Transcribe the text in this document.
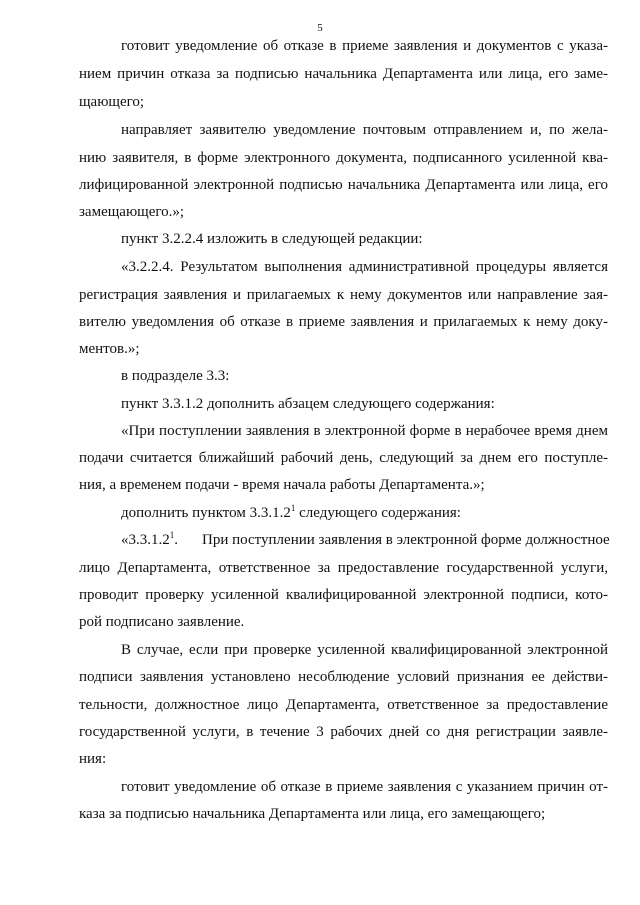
5
готовит уведомление об отказе в приеме заявления и документов с указа-
нием причин отказа за подписью начальника Департамента или лица, его заме-
щающего;
направляет заявителю уведомление почтовым отправлением и, по жела-
нию заявителя, в форме электронного документа, подписанного усиленной ква-
лифицированной электронной подписью начальника Департамента или лица, его
замещающего.»;
пункт 3.2.2.4 изложить в следующей редакции:
«3.2.2.4. Результатом выполнения административной процедуры является
регистрация заявления и прилагаемых к нему документов или направление зая-
вителю уведомления об отказе в приеме заявления и прилагаемых к нему доку-
ментов.»;
в подразделе 3.3:
пункт 3.3.1.2 дополнить абзацем следующего содержания:
«При поступлении заявления в электронной форме в нерабочее время днем
подачи считается ближайший рабочий день, следующий за днем его поступле-
ния, а временем подачи - время начала работы Департамента.»;
дополнить пунктом 3.3.1.2$^1$ следующего содержания:
«3.3.1.2$^1$. При поступлении заявления в электронной форме должностное
лицо Департамента, ответственное за предоставление государственной услуги,
проводит проверку усиленной квалифицированной электронной подписи, кото-
рой подписано заявление.
В случае, если при проверке усиленной квалифицированной электронной
подписи заявления установлено несоблюдение условий признания ее действи-
тельности, должностное лицо Департамента, ответственное за предоставление
государственной услуги, в течение 3 рабочих дней со дня регистрации заявле-
ния:
готовит уведомление об отказе в приеме заявления с указанием причин от-
каза за подписью начальника Департамента или лица, его замещающего;
